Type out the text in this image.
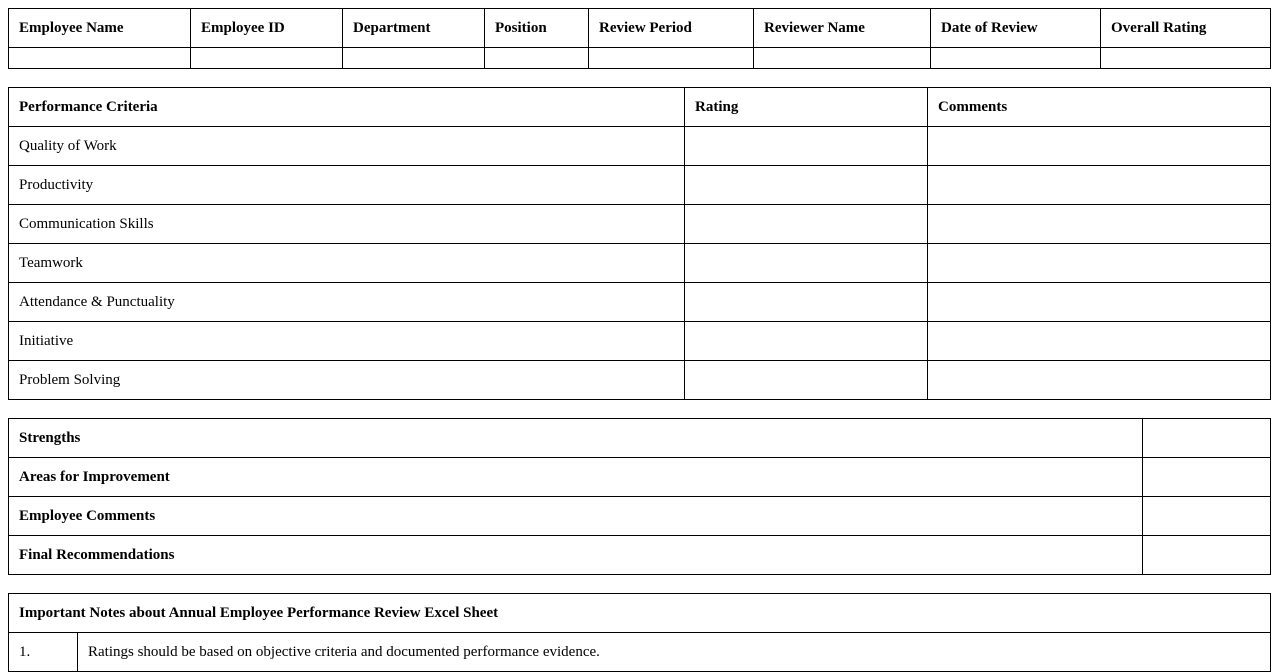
Employee Name	Employee ID	Department	Position	Review Period	Reviewer Name	Date of Review	Overall Rating

Performance Criteria	Rating	Comments
Quality of Work		
Productivity		
Communication Skills		
Teamwork		
Attendance & Punctuality		
Initiative		
Problem Solving		
Strengths	
Areas for Improvement	
Employee Comments	
Final Recommendations	
Important Notes about Annual Employee Performance Review Excel Sheet
1.	Ratings should be based on objective criteria and documented performance evidence.
